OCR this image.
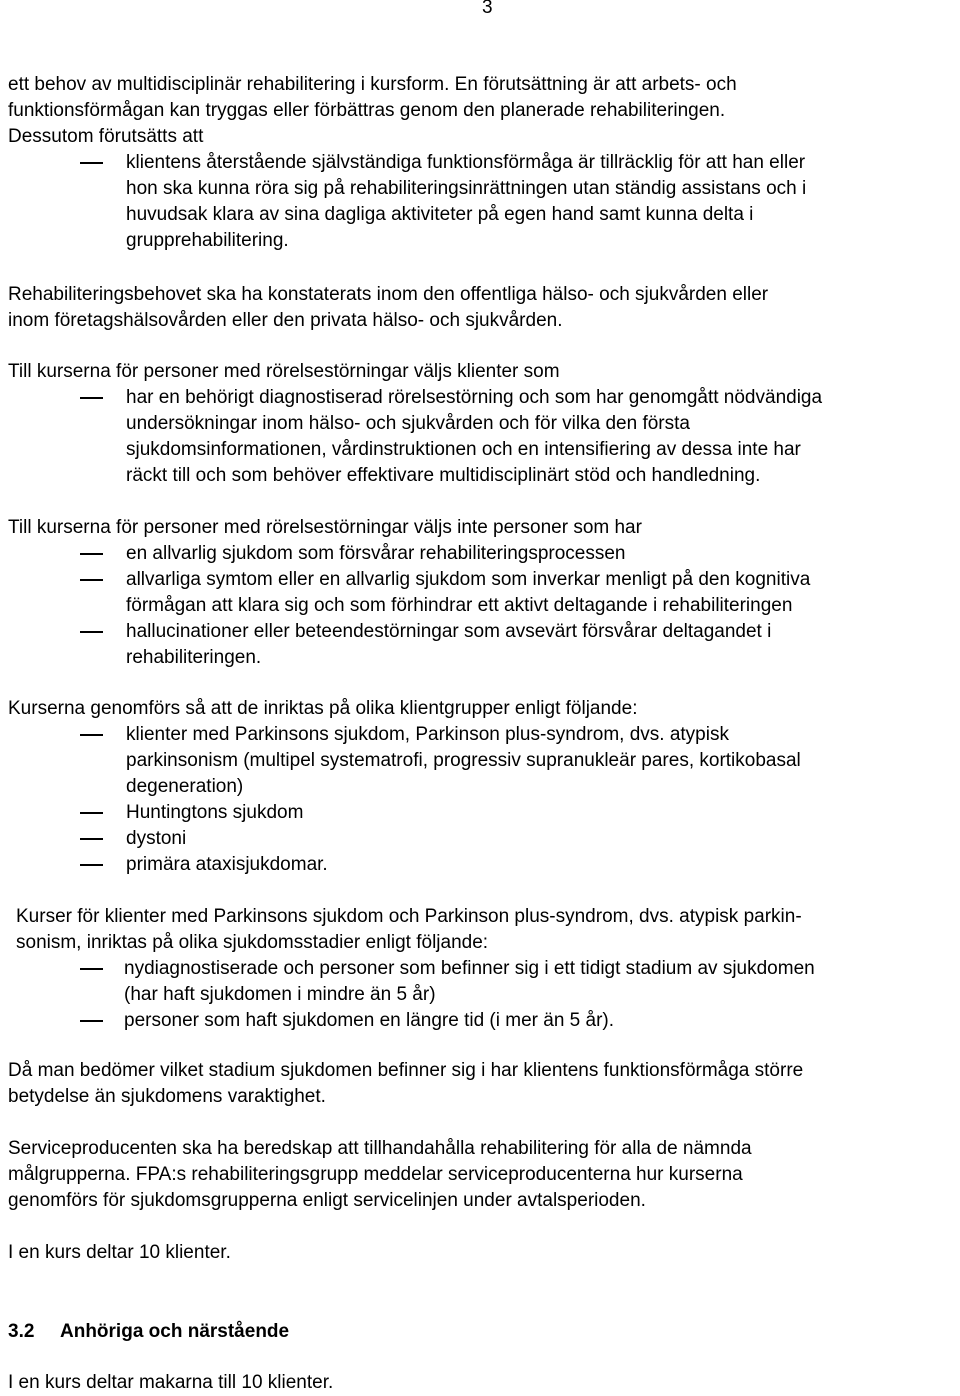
3
ett behov av multidisciplinär rehabilitering i kursform. En förutsättning är att arbets- och
funktionsförmågan kan tryggas eller förbättras genom den planerade rehabiliteringen.
Dessutom förutsätts att
klientens återstående självständiga funktionsförmåga är tillräcklig för att han eller
hon ska kunna röra sig på rehabiliteringsinrättningen utan ständig assistans och i
huvudsak klara av sina dagliga aktiviteter på egen hand samt kunna delta i
grupprehabilitering.
Rehabiliteringsbehovet ska ha konstaterats inom den offentliga hälso- och sjukvården eller
inom företagshälsovården eller den privata hälso- och sjukvården.
Till kurserna för personer med rörelsestörningar väljs klienter som
har en behörigt diagnostiserad rörelsestörning och som har genomgått nödvändiga
undersökningar inom hälso- och sjukvården och för vilka den första
sjukdomsinformationen, vårdinstruktionen och en intensifiering av dessa inte har
räckt till och som behöver effektivare multidisciplinärt stöd och handledning.
Till kurserna för personer med rörelsestörningar väljs inte personer som har
en allvarlig sjukdom som försvårar rehabiliteringsprocessen
allvarliga symtom eller en allvarlig sjukdom som inverkar menligt på den kognitiva
förmågan att klara sig och som förhindrar ett aktivt deltagande i rehabiliteringen
hallucinationer eller beteendestörningar som avsevärt försvårar deltagandet i
rehabiliteringen.
Kurserna genomförs så att de inriktas på olika klientgrupper enligt följande:
klienter med Parkinsons sjukdom, Parkinson plus-syndrom, dvs. atypisk
parkinsonism (multipel systematrofi, progressiv supranukleär pares, kortikobasal
degeneration)
Huntingtons sjukdom
dystoni
primära ataxisjukdomar.
Kurser för klienter med Parkinsons sjukdom och Parkinson plus-syndrom, dvs. atypisk parkin-
sonism, inriktas på olika sjukdomsstadier enligt följande:
nydiagnostiserade och personer som befinner sig i ett tidigt stadium av sjukdomen
(har haft sjukdomen i mindre än 5 år)
personer som haft sjukdomen en längre tid (i mer än 5 år).
Då man bedömer vilket stadium sjukdomen befinner sig i har klientens funktionsförmåga större
betydelse än sjukdomens varaktighet.
Serviceproducenten ska ha beredskap att tillhandahålla rehabilitering för alla de nämnda
målgrupperna. FPA:s rehabiliteringsgrupp meddelar serviceproducenterna hur kurserna
genomförs för sjukdomsgrupperna enligt servicelinjen under avtalsperioden.
I en kurs deltar 10 klienter.
3.2 Anhöriga och närstående
I en kurs deltar makarna till 10 klienter.
